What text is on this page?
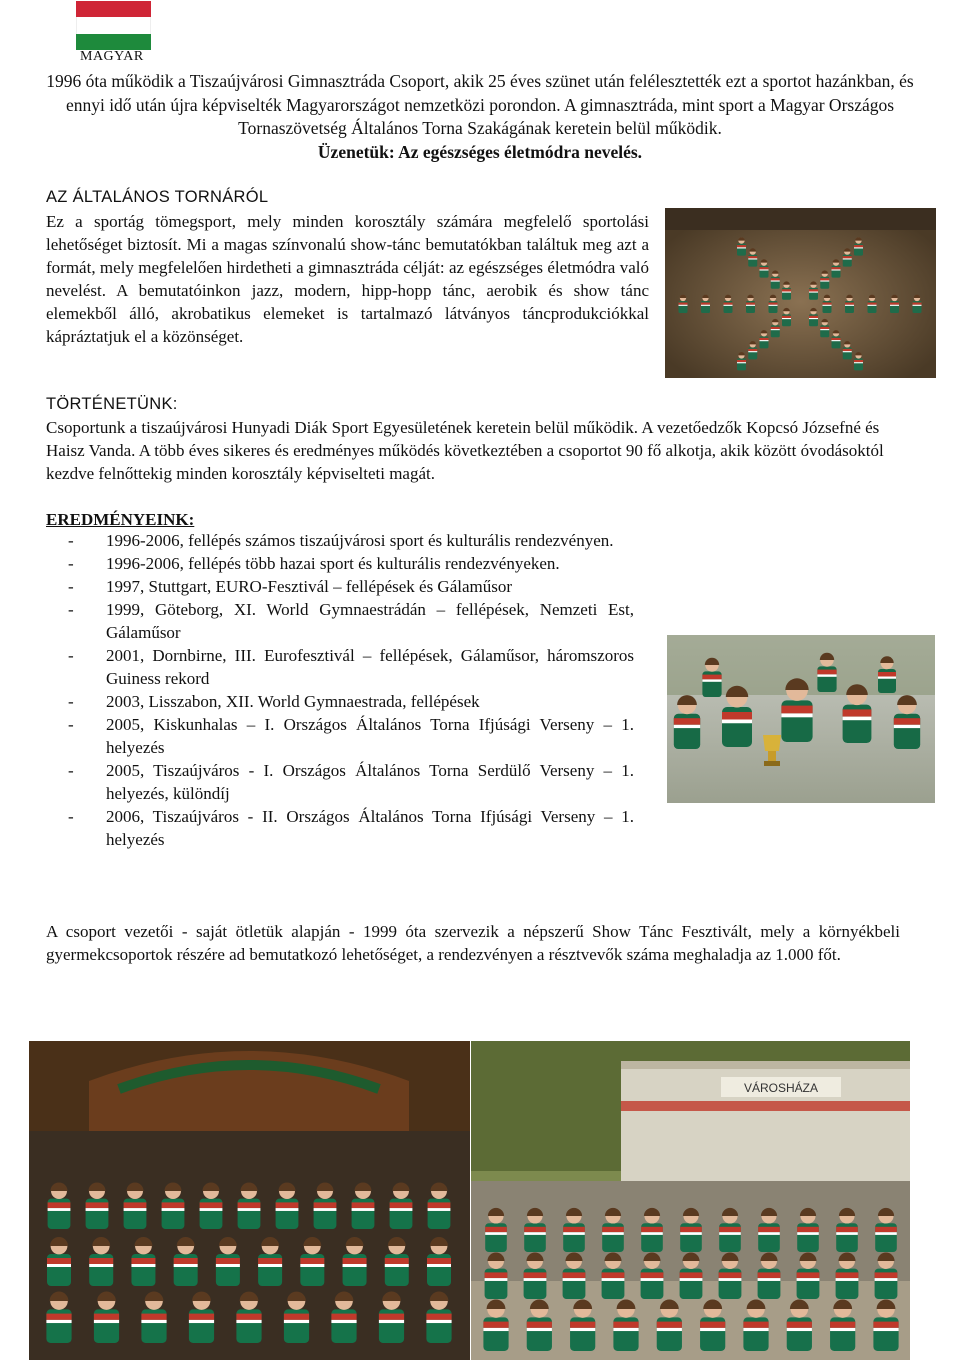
MAGYAR
1996 óta működik a Tiszaújvárosi Gimnasztráda Csoport, akik 25 éves szünet után felélesztették ezt a sportot hazánkban, és ennyi idő után újra képviselték Magyarországot nemzetközi porondon. A gimnasztráda, mint sport a Magyar Országos Tornaszövetség Általános Torna Szakágának keretein belül működik.
Üzenetük: Az egészséges életmódra nevelés.
AZ ÁLTALÁNOS TORNÁRÓL
Ez a sportág tömegsport, mely minden korosztály számára megfelelő sportolási lehetőséget biztosít. Mi a magas színvonalú show-tánc bemutatókban találtuk meg azt a formát, mely megfelelően hirdetheti a gimnasztráda célját: az egészséges életmódra való nevelést. A bemutatóinkon jazz, modern, hipp-hopp tánc, aerobik és show tánc elemekből álló, akrobatikus elemeket is tartalmazó látványos táncprodukciókkal kápráztatjuk el a közönséget.
TÖRTÉNETÜNK:
Csoportunk a tiszaújvárosi Hunyadi Diák Sport Egyesületének keretein belül működik. A vezetőedzők Kopcsó Józsefné és Haisz Vanda. A több éves sikeres és eredményes működés következtében a csoportot 90 fő alkotja, akik között óvodásoktól kezdve felnőttekig minden korosztály képviselteti magát.
EREDMÉNYEINK:
- 1996-2006, fellépés számos tiszaújvárosi sport és kulturális rendezvényen.
- 1996-2006, fellépés több hazai sport és kulturális rendezvényeken.
- 1997, Stuttgart, EURO-Fesztivál – fellépések és Gálaműsor
- 1999, Göteborg, XI. World Gymnaestrádán – fellépések, Nemzeti Est, Gálaműsor
- 2001, Dornbirne, III. Eurofesztivál – fellépések, Gálaműsor, háromszoros Guiness rekord
- 2003, Lisszabon, XII. World Gymnaestrada, fellépések
- 2005, Kiskunhalas – I. Országos Általános Torna Ifjúsági Verseny – 1. helyezés
- 2005, Tiszaújváros - I. Országos Általános Torna Serdülő Verseny – 1. helyezés, különdíj
- 2006, Tiszaújváros - II. Országos Általános Torna Ifjúsági Verseny – 1. helyezés
A csoport vezetői - saját ötletük alapján - 1999 óta szervezik a népszerű Show Tánc Fesztivált, mely a környékbeli gyermekcsoportok részére ad bemutatkozó lehetőséget, a rendezvényen a résztvevők száma meghaladja az 1.000 főt.
VÁROSHÁZA
